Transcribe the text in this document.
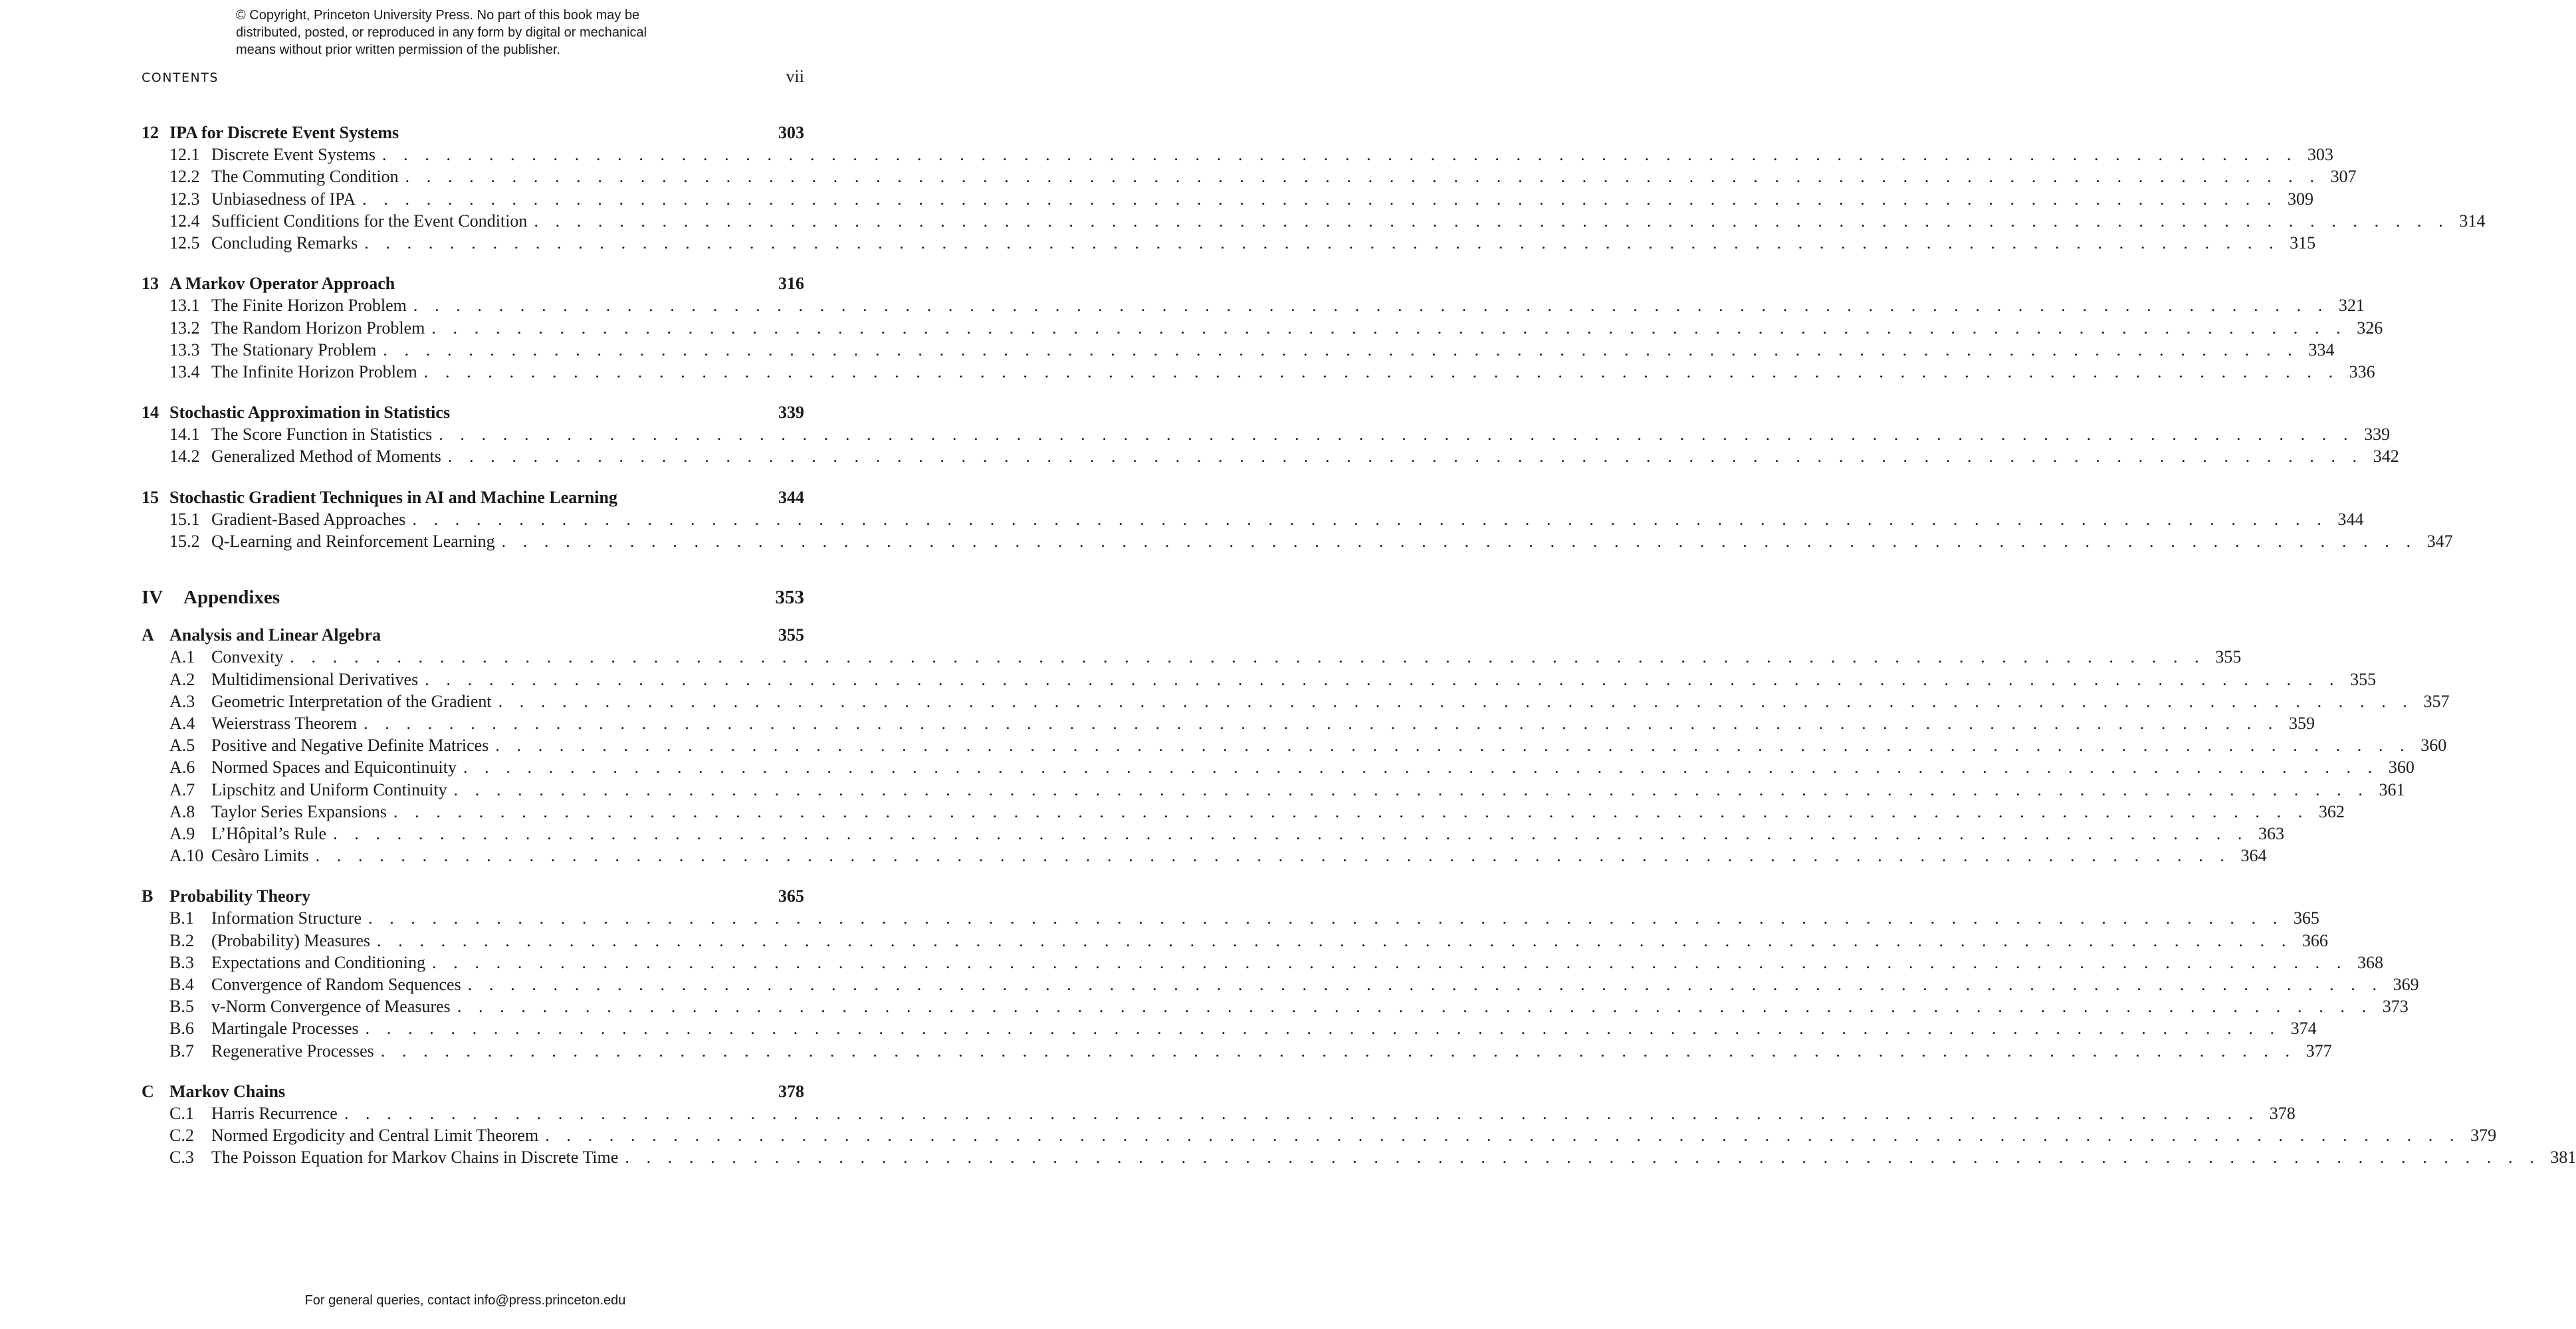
© Copyright, Princeton University Press. No part of this book may be
distributed, posted, or reproduced in any form by digital or mechanical
means without prior written permission of the publisher.
CONTENTS	vii
12 IPA for Discrete Event Systems	303
12.1 Discrete Event Systems . . . . . . . . . . . . . . . . . . . . . . . . . . . . . . . . . . . . . . . . . . . . . . . . . . . . . . . . . . . . . . . . . . . . . . . . . . . . . . . . . . . . . . . . . . 303
12.2 The Commuting Condition . . . . . . . . . . . . . . . . . . . . . . . . . . . . . . . . . . . . . . . . . . . . . . . . . . . . . . . . . . . . . . . . . . . . . . . . . . . . . . . . . . . . . . . . . . 307
12.3 Unbiasedness of IPA . . . . . . . . . . . . . . . . . . . . . . . . . . . . . . . . . . . . . . . . . . . . . . . . . . . . . . . . . . . . . . . . . . . . . . . . . . . . . . . . . . . . . . . . . . 309
12.4 Sufficient Conditions for the Event Condition . . . . . . . . . . . . . . . . . . . . . . . . . . . . . . . . . . . . . . . . . . . . . . . . . . . . . . . . . . . . . . . . . . . . . . . . . . . . . . . . . . . . . . . . . . 314
12.5 Concluding Remarks . . . . . . . . . . . . . . . . . . . . . . . . . . . . . . . . . . . . . . . . . . . . . . . . . . . . . . . . . . . . . . . . . . . . . . . . . . . . . . . . . . . . . . . . . . 315
13 A Markov Operator Approach	316
13.1 The Finite Horizon Problem . . . . . . . . . . . . . . . . . . . . . . . . . . . . . . . . . . . . . . . . . . . . . . . . . . . . . . . . . . . . . . . . . . . . . . . . . . . . . . . . . . . . . . . . . . 321
13.2 The Random Horizon Problem . . . . . . . . . . . . . . . . . . . . . . . . . . . . . . . . . . . . . . . . . . . . . . . . . . . . . . . . . . . . . . . . . . . . . . . . . . . . . . . . . . . . . . . . . . 326
13.3 The Stationary Problem . . . . . . . . . . . . . . . . . . . . . . . . . . . . . . . . . . . . . . . . . . . . . . . . . . . . . . . . . . . . . . . . . . . . . . . . . . . . . . . . . . . . . . . . . . 334
13.4 The Infinite Horizon Problem . . . . . . . . . . . . . . . . . . . . . . . . . . . . . . . . . . . . . . . . . . . . . . . . . . . . . . . . . . . . . . . . . . . . . . . . . . . . . . . . . . . . . . . . . . 336
14 Stochastic Approximation in Statistics	339
14.1 The Score Function in Statistics . . . . . . . . . . . . . . . . . . . . . . . . . . . . . . . . . . . . . . . . . . . . . . . . . . . . . . . . . . . . . . . . . . . . . . . . . . . . . . . . . . . . . . . . . . 339
14.2 Generalized Method of Moments . . . . . . . . . . . . . . . . . . . . . . . . . . . . . . . . . . . . . . . . . . . . . . . . . . . . . . . . . . . . . . . . . . . . . . . . . . . . . . . . . . . . . . . . . . 342
15 Stochastic Gradient Techniques in AI and Machine Learning	344
15.1 Gradient-Based Approaches . . . . . . . . . . . . . . . . . . . . . . . . . . . . . . . . . . . . . . . . . . . . . . . . . . . . . . . . . . . . . . . . . . . . . . . . . . . . . . . . . . . . . . . . . . 344
15.2 Q-Learning and Reinforcement Learning . . . . . . . . . . . . . . . . . . . . . . . . . . . . . . . . . . . . . . . . . . . . . . . . . . . . . . . . . . . . . . . . . . . . . . . . . . . . . . . . . . . . . . . . . . 347
IV	Appendixes	353
A Analysis and Linear Algebra	355
A.1 Convexity . . . . . . . . . . . . . . . . . . . . . . . . . . . . . . . . . . . . . . . . . . . . . . . . . . . . . . . . . . . . . . . . . . . . . . . . . . . . . . . . . . . . . . . . . . 355
A.2 Multidimensional Derivatives . . . . . . . . . . . . . . . . . . . . . . . . . . . . . . . . . . . . . . . . . . . . . . . . . . . . . . . . . . . . . . . . . . . . . . . . . . . . . . . . . . . . . . . . . . 355
A.3 Geometric Interpretation of the Gradient . . . . . . . . . . . . . . . . . . . . . . . . . . . . . . . . . . . . . . . . . . . . . . . . . . . . . . . . . . . . . . . . . . . . . . . . . . . . . . . . . . . . . . . . . . 357
A.4 Weierstrass Theorem . . . . . . . . . . . . . . . . . . . . . . . . . . . . . . . . . . . . . . . . . . . . . . . . . . . . . . . . . . . . . . . . . . . . . . . . . . . . . . . . . . . . . . . . . . 359
A.5 Positive and Negative Definite Matrices . . . . . . . . . . . . . . . . . . . . . . . . . . . . . . . . . . . . . . . . . . . . . . . . . . . . . . . . . . . . . . . . . . . . . . . . . . . . . . . . . . . . . . . . . . 360
A.6 Normed Spaces and Equicontinuity . . . . . . . . . . . . . . . . . . . . . . . . . . . . . . . . . . . . . . . . . . . . . . . . . . . . . . . . . . . . . . . . . . . . . . . . . . . . . . . . . . . . . . . . . . 360
A.7 Lipschitz and Uniform Continuity . . . . . . . . . . . . . . . . . . . . . . . . . . . . . . . . . . . . . . . . . . . . . . . . . . . . . . . . . . . . . . . . . . . . . . . . . . . . . . . . . . . . . . . . . . 361
A.8 Taylor Series Expansions . . . . . . . . . . . . . . . . . . . . . . . . . . . . . . . . . . . . . . . . . . . . . . . . . . . . . . . . . . . . . . . . . . . . . . . . . . . . . . . . . . . . . . . . . . 362
A.9 L’Hôpital’s Rule . . . . . . . . . . . . . . . . . . . . . . . . . . . . . . . . . . . . . . . . . . . . . . . . . . . . . . . . . . . . . . . . . . . . . . . . . . . . . . . . . . . . . . . . . . 363
A.10 Cesàro Limits . . . . . . . . . . . . . . . . . . . . . . . . . . . . . . . . . . . . . . . . . . . . . . . . . . . . . . . . . . . . . . . . . . . . . . . . . . . . . . . . . . . . . . . . . . 364
B Probability Theory	365
B.1	Information Structure . . . . . . . . . . . . . . . . . . . . . . . . . . . . . . . . . . . . . . . . . . . . . . . . . . . . . . . . . . . . . . . . . . . . . . . . . . . . . . . . . . . . . . . . . . 365
B.2	(Probability) Measures . . . . . . . . . . . . . . . . . . . . . . . . . . . . . . . . . . . . . . . . . . . . . . . . . . . . . . . . . . . . . . . . . . . . . . . . . . . . . . . . . . . . . . . . . . 366
B.3	Expectations and Conditioning . . . . . . . . . . . . . . . . . . . . . . . . . . . . . . . . . . . . . . . . . . . . . . . . . . . . . . . . . . . . . . . . . . . . . . . . . . . . . . . . . . . . . . . . . . 368
B.4	Convergence of Random Sequences . . . . . . . . . . . . . . . . . . . . . . . . . . . . . . . . . . . . . . . . . . . . . . . . . . . . . . . . . . . . . . . . . . . . . . . . . . . . . . . . . . . . . . . . . . 369
B.5	v-Norm Convergence of Measures . . . . . . . . . . . . . . . . . . . . . . . . . . . . . . . . . . . . . . . . . . . . . . . . . . . . . . . . . . . . . . . . . . . . . . . . . . . . . . . . . . . . . . . . . . 373
B.6	Martingale Processes . . . . . . . . . . . . . . . . . . . . . . . . . . . . . . . . . . . . . . . . . . . . . . . . . . . . . . . . . . . . . . . . . . . . . . . . . . . . . . . . . . . . . . . . . . 374
B.7	Regenerative Processes . . . . . . . . . . . . . . . . . . . . . . . . . . . . . . . . . . . . . . . . . . . . . . . . . . . . . . . . . . . . . . . . . . . . . . . . . . . . . . . . . . . . . . . . . . 377
C Markov Chains	378
C.1	Harris Recurrence . . . . . . . . . . . . . . . . . . . . . . . . . . . . . . . . . . . . . . . . . . . . . . . . . . . . . . . . . . . . . . . . . . . . . . . . . . . . . . . . . . . . . . . . . . 378
C.2	Normed Ergodicity and Central Limit Theorem . . . . . . . . . . . . . . . . . . . . . . . . . . . . . . . . . . . . . . . . . . . . . . . . . . . . . . . . . . . . . . . . . . . . . . . . . . . . . . . . . . . . . . . . . . 379
C.3	The Poisson Equation for Markov Chains in Discrete Time . . . . . . . . . . . . . . . . . . . . . . . . . . . . . . . . . . . . . . . . . . . . . . . . . . . . . . . . . . . . . . . . . . . . . . . . . . . . . . . . . . . . . . . . . . 381
For general queries, contact info@press.princeton.edu
